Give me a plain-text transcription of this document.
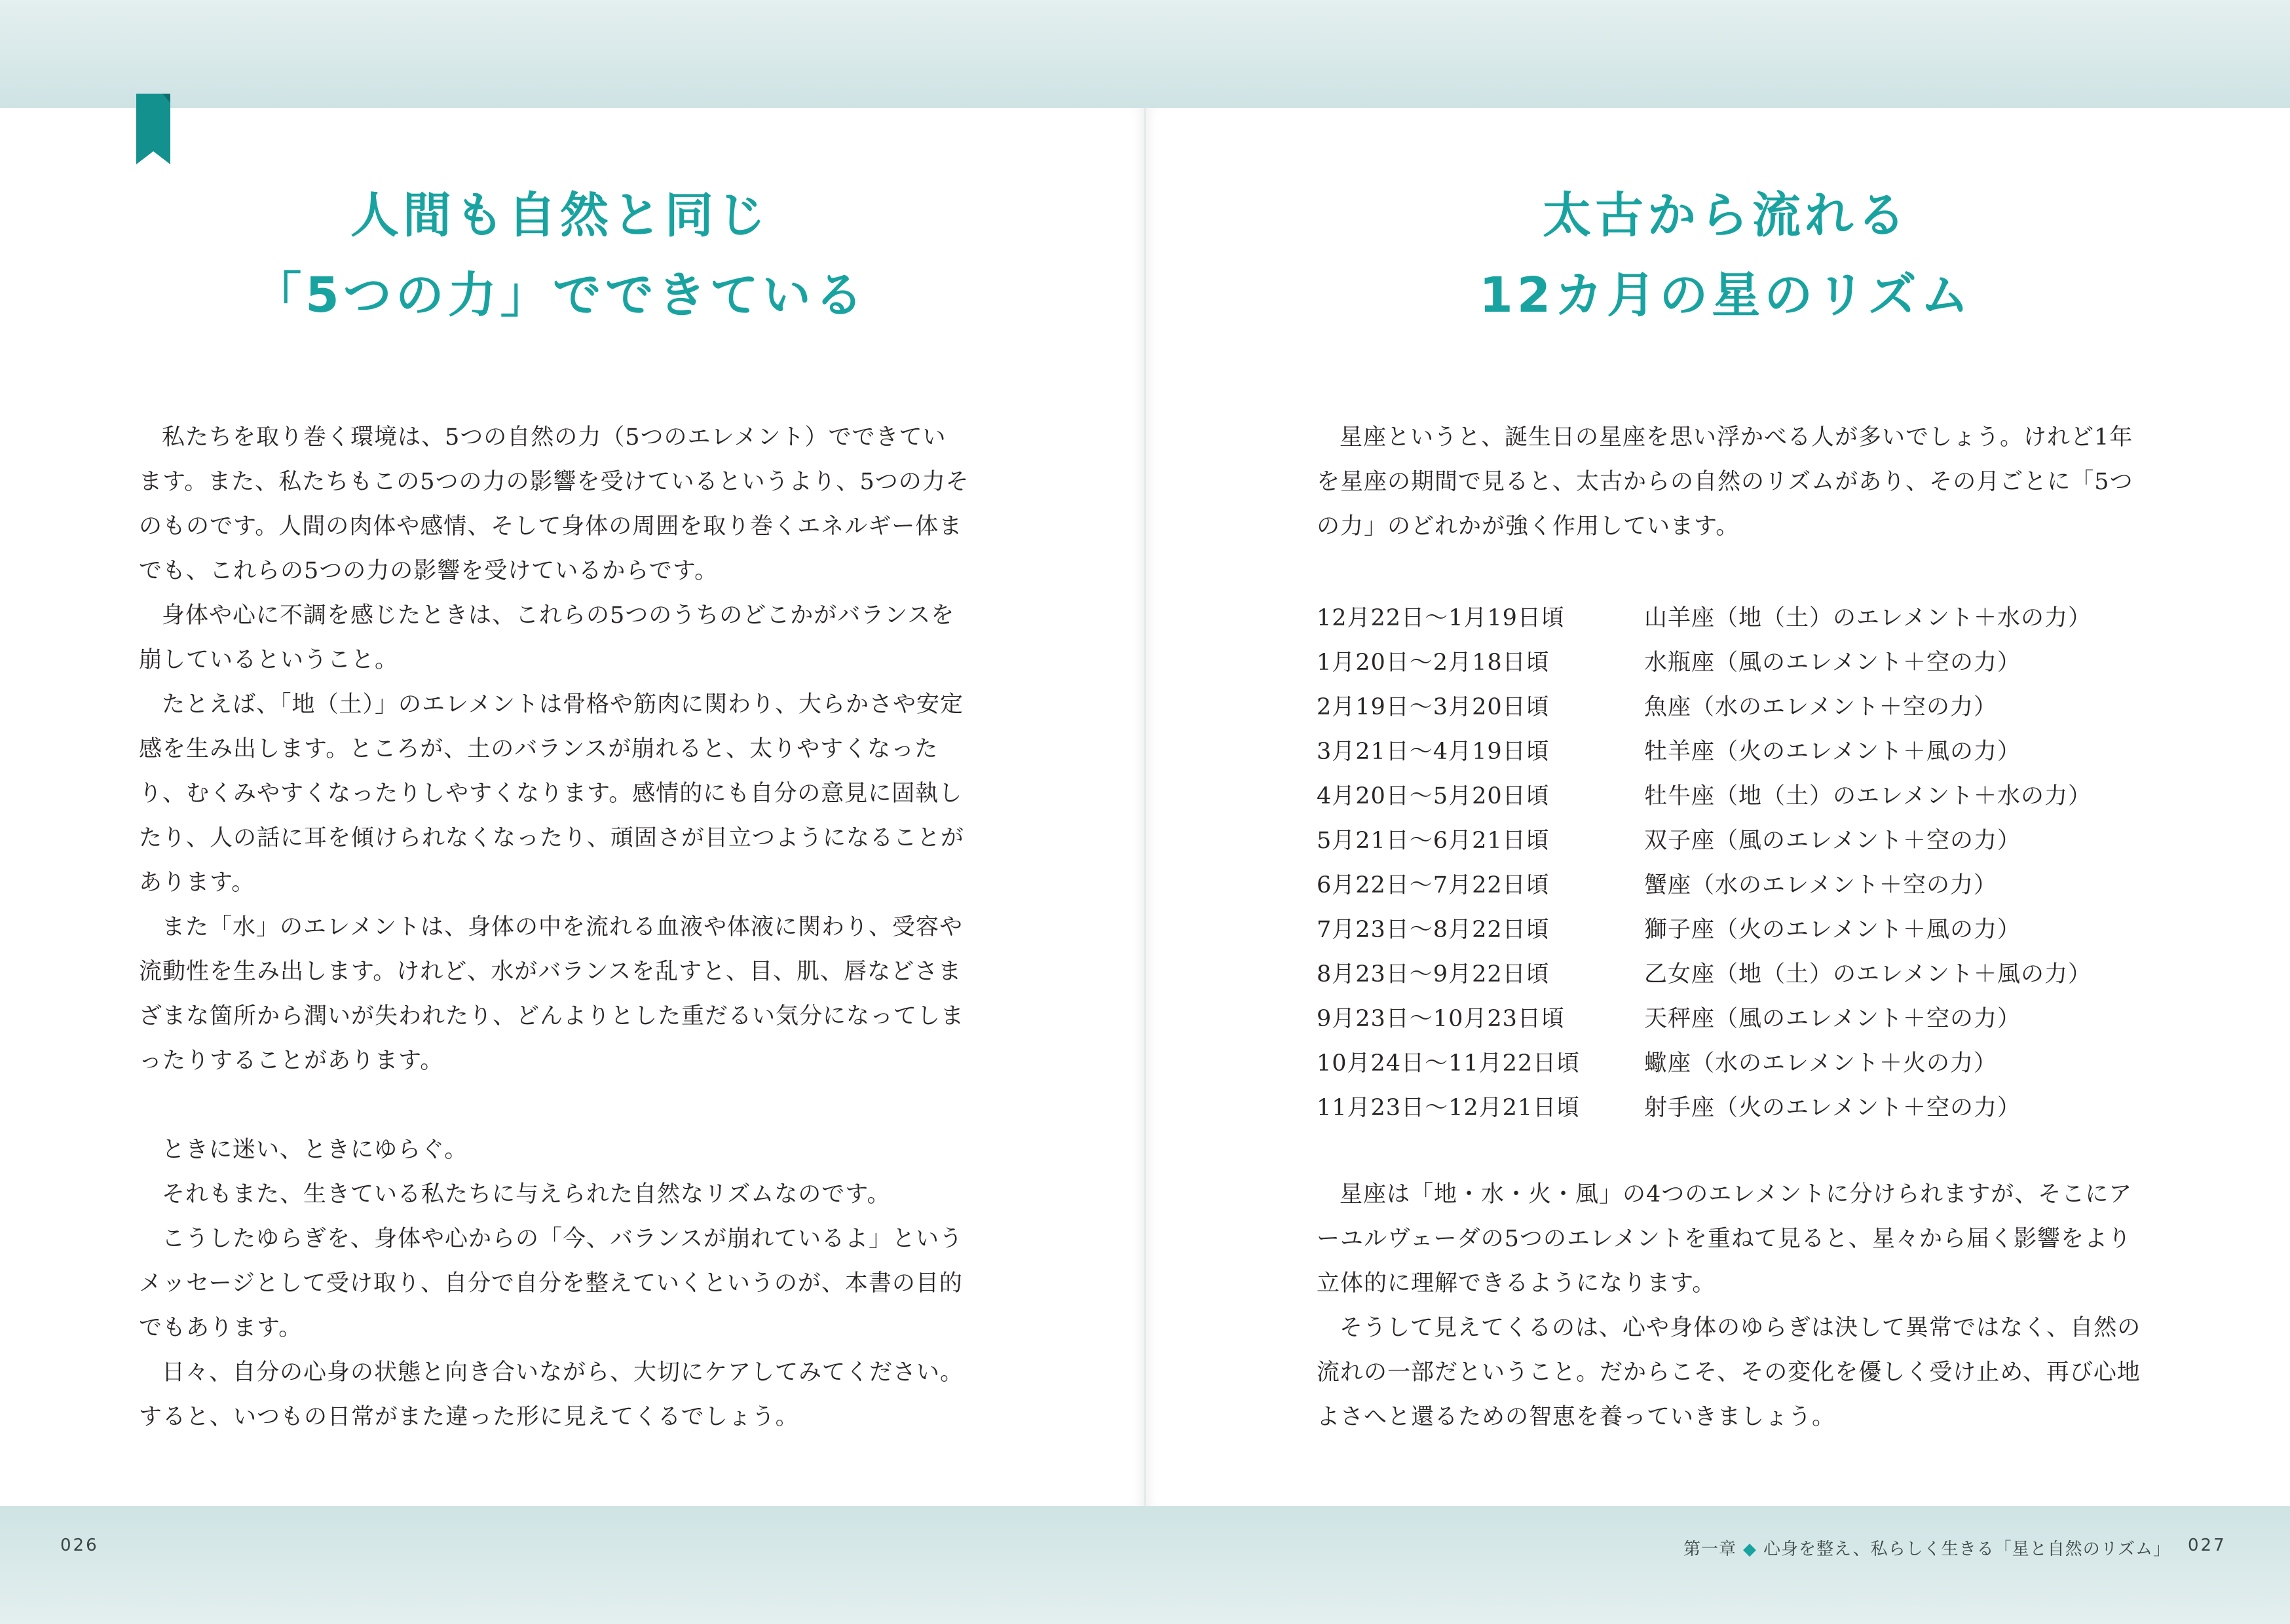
人間も自然と同じ
「5つの力」でできている

私たちを取り巻く環境は、5つの自然の力（5つのエレメント）でできています。また、私たちもこの5つの力の影響を受けているというより、5つの力そのものです。人間の肉体や感情、そして身体の周囲を取り巻くエネルギー体までも、これらの5つの力の影響を受けているからです。

身体や心に不調を感じたときは、これらの5つのうちのどこかがバランスを崩しているということ。

たとえば、「地（土）」のエレメントは骨格や筋肉に関わり、大らかさや安定感を生み出します。ところが、土のバランスが崩れると、太りやすくなったり、むくみやすくなったりしやすくなります。感情的にも自分の意見に固執したり、人の話に耳を傾けられなくなったり、頑固さが目立つようになることがあります。

また「水」のエレメントは、身体の中を流れる血液や体液に関わり、受容や流動性を生み出します。けれど、水がバランスを乱すと、目、肌、唇などさまざまな箇所から潤いが失われたり、どんよりとした重だるい気分になってしまったりすることがあります。

ときに迷い、ときにゆらぐ。

それもまた、生きている私たちに与えられた自然なリズムなのです。

こうしたゆらぎを、身体や心からの「今、バランスが崩れているよ」というメッセージとして受け取り、自分で自分を整えていくというのが、本書の目的でもあります。

日々、自分の心身の状態と向き合いながら、大切にケアしてみてください。すると、いつもの日常がまた違った形に見えてくるでしょう。

太古から流れる
12カ月の星のリズム

星座というと、誕生日の星座を思い浮かべる人が多いでしょう。けれど1年を星座の期間で見ると、太古からの自然のリズムがあり、その月ごとに「5つの力」のどれかが強く作用しています。

12月22日〜1月19日頃	山羊座（地（土）のエレメント＋水の力）
1月20日〜2月18日頃	水瓶座（風のエレメント＋空の力）
2月19日〜3月20日頃	魚座（水のエレメント＋空の力）
3月21日〜4月19日頃	牡羊座（火のエレメント＋風の力）
4月20日〜5月20日頃	牡牛座（地（土）のエレメント＋水の力）
5月21日〜6月21日頃	双子座（風のエレメント＋空の力）
6月22日〜7月22日頃	蟹座（水のエレメント＋空の力）
7月23日〜8月22日頃	獅子座（火のエレメント＋風の力）
8月23日〜9月22日頃	乙女座（地（土）のエレメント＋風の力）
9月23日〜10月23日頃	天秤座（風のエレメント＋空の力）
10月24日〜11月22日頃	蠍座（水のエレメント＋火の力）
11月23日〜12月21日頃	射手座（火のエレメント＋空の力）

星座は「地・水・火・風」の4つのエレメントに分けられますが、そこにアーユルヴェーダの5つのエレメントを重ねて見ると、星々から届く影響をより立体的に理解できるようになります。

そうして見えてくるのは、心や身体のゆらぎは決して異常ではなく、自然の流れの一部だということ。だからこそ、その変化を優しく受け止め、再び心地よさへと還るための智恵を養っていきましょう。

026	第一章 ◆ 心身を整え、私らしく生きる「星と自然のリズム」 027
